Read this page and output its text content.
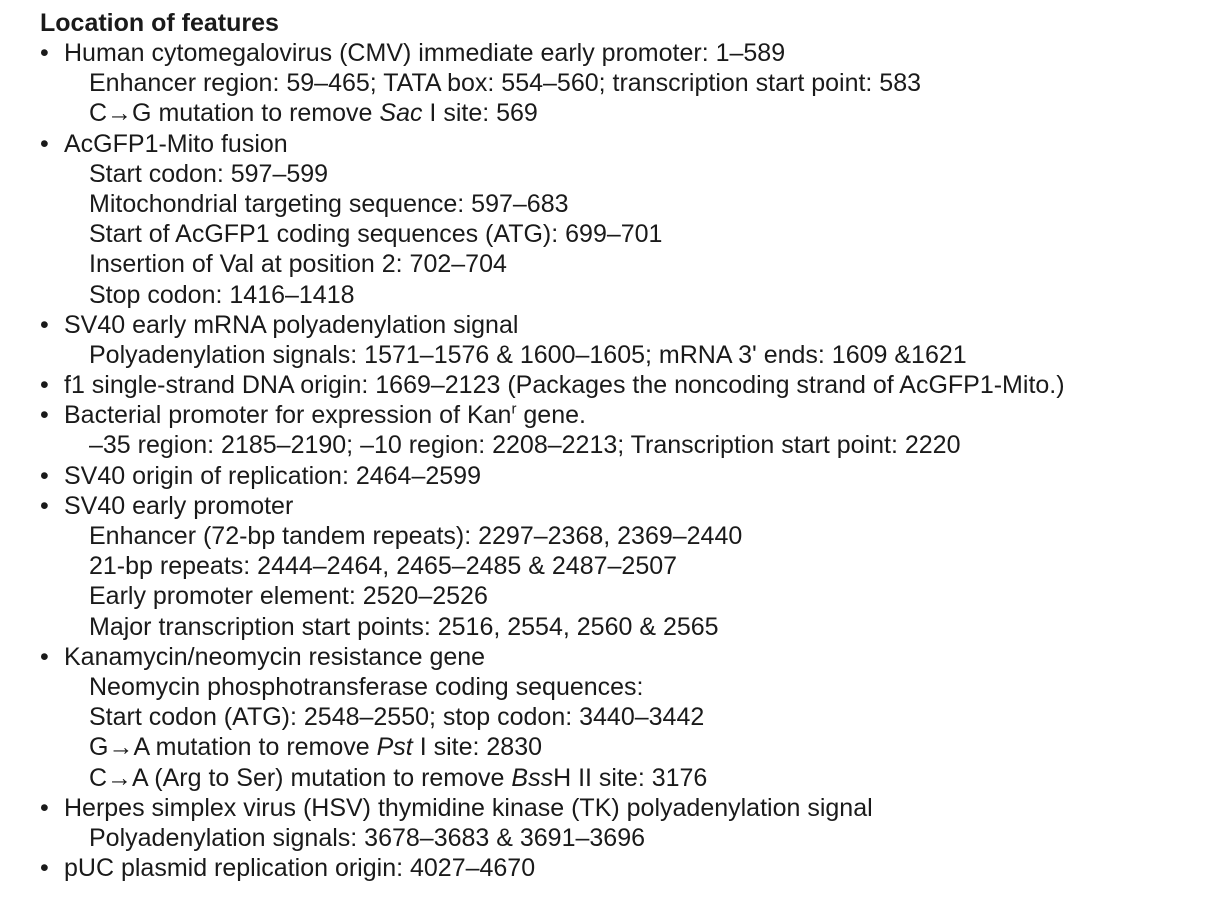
Location of features
• Human cytomegalovirus (CMV) immediate early promoter: 1–589
Enhancer region: 59–465; TATA box: 554–560; transcription start point: 583
C→G mutation to remove Sac I site: 569
• AcGFP1-Mito fusion
Start codon: 597–599
Mitochondrial targeting sequence: 597–683
Start of AcGFP1 coding sequences (ATG): 699–701
Insertion of Val at position 2: 702–704
Stop codon: 1416–1418
• SV40 early mRNA polyadenylation signal
Polyadenylation signals: 1571–1576 & 1600–1605; mRNA 3' ends: 1609 &1621
• f1 single-strand DNA origin: 1669–2123 (Packages the noncoding strand of AcGFP1-Mito.)
• Bacterial promoter for expression of Kan$^r$ gene.
–35 region: 2185–2190; –10 region: 2208–2213; Transcription start point: 2220
• SV40 origin of replication: 2464–2599
• SV40 early promoter
Enhancer (72-bp tandem repeats): 2297–2368, 2369–2440
21-bp repeats: 2444–2464, 2465–2485 & 2487–2507
Early promoter element: 2520–2526
Major transcription start points: 2516, 2554, 2560 & 2565
• Kanamycin/neomycin resistance gene
Neomycin phosphotransferase coding sequences:
Start codon (ATG): 2548–2550; stop codon: 3440–3442
G→A mutation to remove Pst I site: 2830
C→A (Arg to Ser) mutation to remove BssH II site: 3176
• Herpes simplex virus (HSV) thymidine kinase (TK) polyadenylation signal
Polyadenylation signals: 3678–3683 & 3691–3696
• pUC plasmid replication origin: 4027–4670
